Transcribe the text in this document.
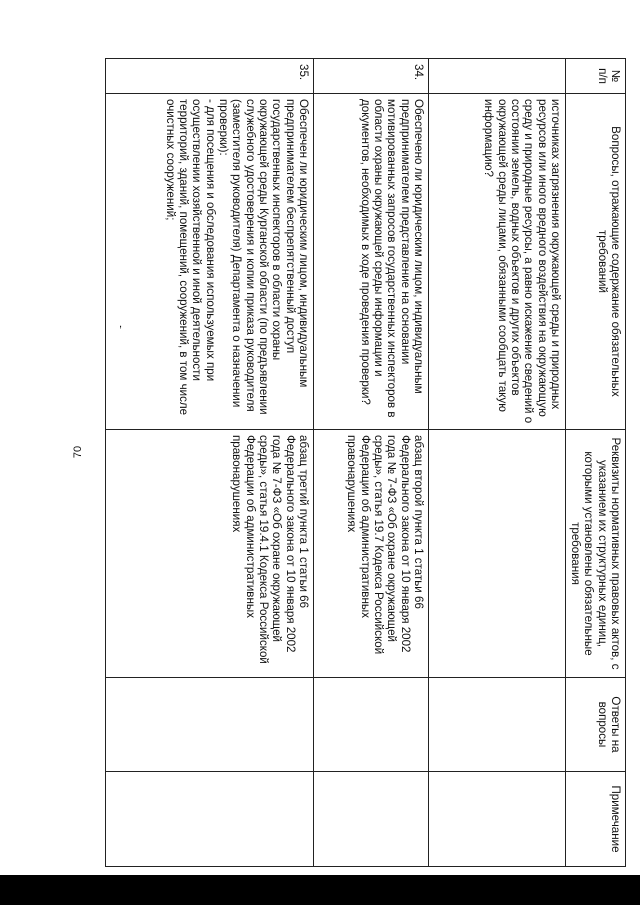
70
,
№ п/п	Вопросы, отражающие содержание обязательных требований	Реквизиты нормативных правовых актов, с указанием их структурных единиц, которыми установлены обязательные требования	Ответы на вопросы	Примечание
	источниках загрязнения окружающей среды и природных ресурсов или иного вредного воздействия на окружающую среду и природные ресурсы, а равно искажение сведений о состоянии земель, водных объектов и других объектов окружающей среды лицами, обязанными сообщать такую информацию?			
34.	Обеспечено ли юридическим лицом, индивидуальным предпринимателем представление на основании мотивированных запросов государственных инспекторов в области охраны окружающей среды информации и документов, необходимых в ходе проведения проверки?	абзац второй пункта 1 статьи 66 Федерального закона от 10 января 2002 года № 7-ФЗ «Об охране окружающей среды», статья 19.7 Кодекса Российской Федерации об административных правонарушениях		
35.	Обеспечен ли юридическим лицом, индивидуальным предпринимателем беспрепятственный доступ государственных инспекторов в области охраны окружающей среды Курганской области (по предъявлении служебного удостоверения и копии приказа руководителя (заместителя руководителя) Департамента о назначении проверки):
- для посещения и обследования используемых при осуществлении хозяйственной и иной деятельности территорий, зданий, помещений, сооружений, в том числе очистных сооружений;	абзац третий пункта 1 статьи 66 Федерального закона от 10 января 2002 года № 7-ФЗ «Об охране окружающей среды», статья 19.4.1 Кодекса Российской Федерации об административных правонарушениях		
